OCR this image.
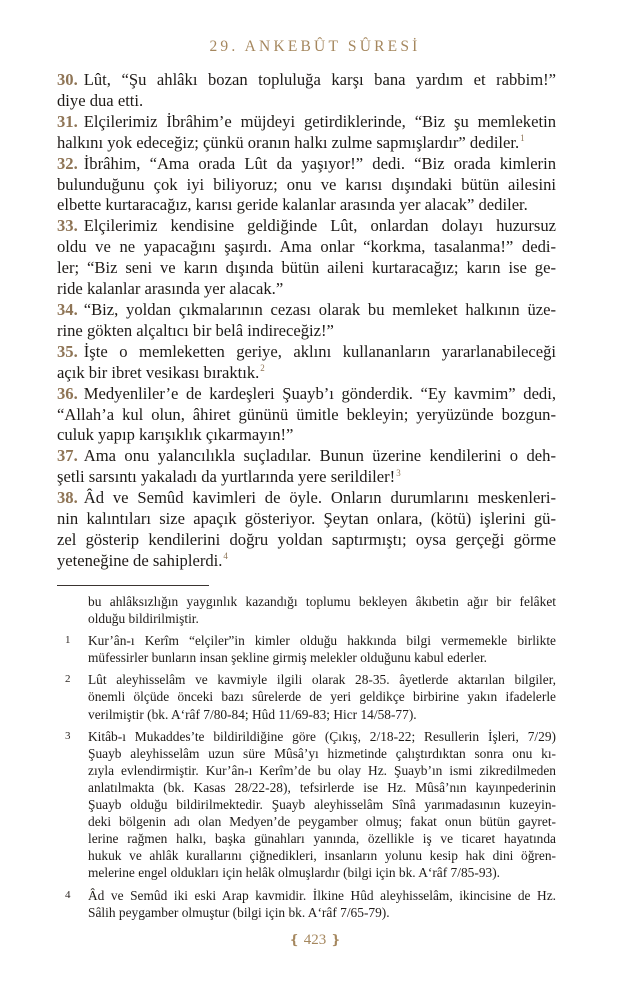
29. ANKEBÛT SÛRESİ
30. Lût, “Şu ahlâkı bozan topluluğa karşı bana yardım et rabbim!”
diye dua etti.
31. Elçilerimiz İbrâhim’e müjdeyi getirdiklerinde, “Biz şu memleketin
halkını yok edeceğiz; çünkü oranın halkı zulme sapmışlardır” dediler.$^1$
32. İbrâhim, “Ama orada Lût da yaşıyor!” dedi. “Biz orada kimlerin
bulunduğunu çok iyi biliyoruz; onu ve karısı dışındaki bütün ailesini
elbette kurtaracağız, karısı geride kalanlar arasında yer alacak” dediler.
33. Elçilerimiz kendisine geldiğinde Lût, onlardan dolayı huzursuz
oldu ve ne yapacağını şaşırdı. Ama onlar “korkma, tasalanma!” dedi-
ler; “Biz seni ve karın dışında bütün aileni kurtaracağız; karın ise ge-
ride kalanlar arasında yer alacak.”
34. “Biz, yoldan çıkmalarının cezası olarak bu memleket halkının üze-
rine gökten alçaltıcı bir belâ indireceğiz!”
35. İşte o memleketten geriye, aklını kullananların yararlanabileceği
açık bir ibret vesikası bıraktık.$^2$
36. Medyenliler’e de kardeşleri Şuayb’ı gönderdik. “Ey kavmim” dedi,
“Allah’a kul olun, âhiret gününü ümitle bekleyin; yeryüzünde bozgun-
culuk yapıp karışıklık çıkarmayın!”
37. Ama onu yalancılıkla suçladılar. Bunun üzerine kendilerini o deh-
şetli sarsıntı yakaladı da yurtlarında yere serildiler!$^3$
38. Âd ve Semûd kavimleri de öyle. Onların durumlarını meskenleri-
nin kalıntıları size apaçık gösteriyor. Şeytan onlara, (kötü) işlerini gü-
zel gösterip kendilerini doğru yoldan saptırmıştı; oysa gerçeği görme
yeteneğine de sahiplerdi.$^4$
bu ahlâksızlığın yaygınlık kazandığı toplumu bekleyen âkıbetin ağır bir felâket
olduğu bildirilmiştir.
1 Kur’ân-ı Kerîm “elçiler”in kimler olduğu hakkında bilgi vermemekle birlikte
müfessirler bunların insan şekline girmiş melekler olduğunu kabul ederler.
2 Lût aleyhisselâm ve kavmiyle ilgili olarak 28-35. âyetlerde aktarılan bilgiler,
önemli ölçüde önceki bazı sûrelerde de yeri geldikçe birbirine yakın ifadelerle
verilmiştir (bk. A‘râf 7/80-84; Hûd 11/69-83; Hicr 14/58-77).
3 Kitâb-ı Mukaddes’te bildirildiğine göre (Çıkış, 2/18-22; Resullerin İşleri, 7/29)
Şuayb aleyhisselâm uzun süre Mûsâ’yı hizmetinde çalıştırdıktan sonra onu kı-
zıyla evlendirmiştir. Kur’ân-ı Kerîm’de bu olay Hz. Şuayb’ın ismi zikredilmeden
anlatılmakta (bk. Kasas 28/22-28), tefsirlerde ise Hz. Mûsâ’nın kayınpederinin
Şuayb olduğu bildirilmektedir. Şuayb aleyhisselâm Sînâ yarımadasının kuzeyin-
deki bölgenin adı olan Medyen’de peygamber olmuş; fakat onun bütün gayret-
lerine rağmen halkı, başka günahları yanında, özellikle iş ve ticaret hayatında
hukuk ve ahlâk kurallarını çiğnedikleri, insanların yolunu kesip hak dini öğren-
melerine engel oldukları için helâk olmuşlardır (bilgi için bk. A‘râf 7/85-93).
4 Âd ve Semûd iki eski Arap kavmidir. İlkine Hûd aleyhisselâm, ikincisine de Hz.
Sâlih peygamber olmuştur (bilgi için bk. A‘râf 7/65-79).
❴ 423 ❵
